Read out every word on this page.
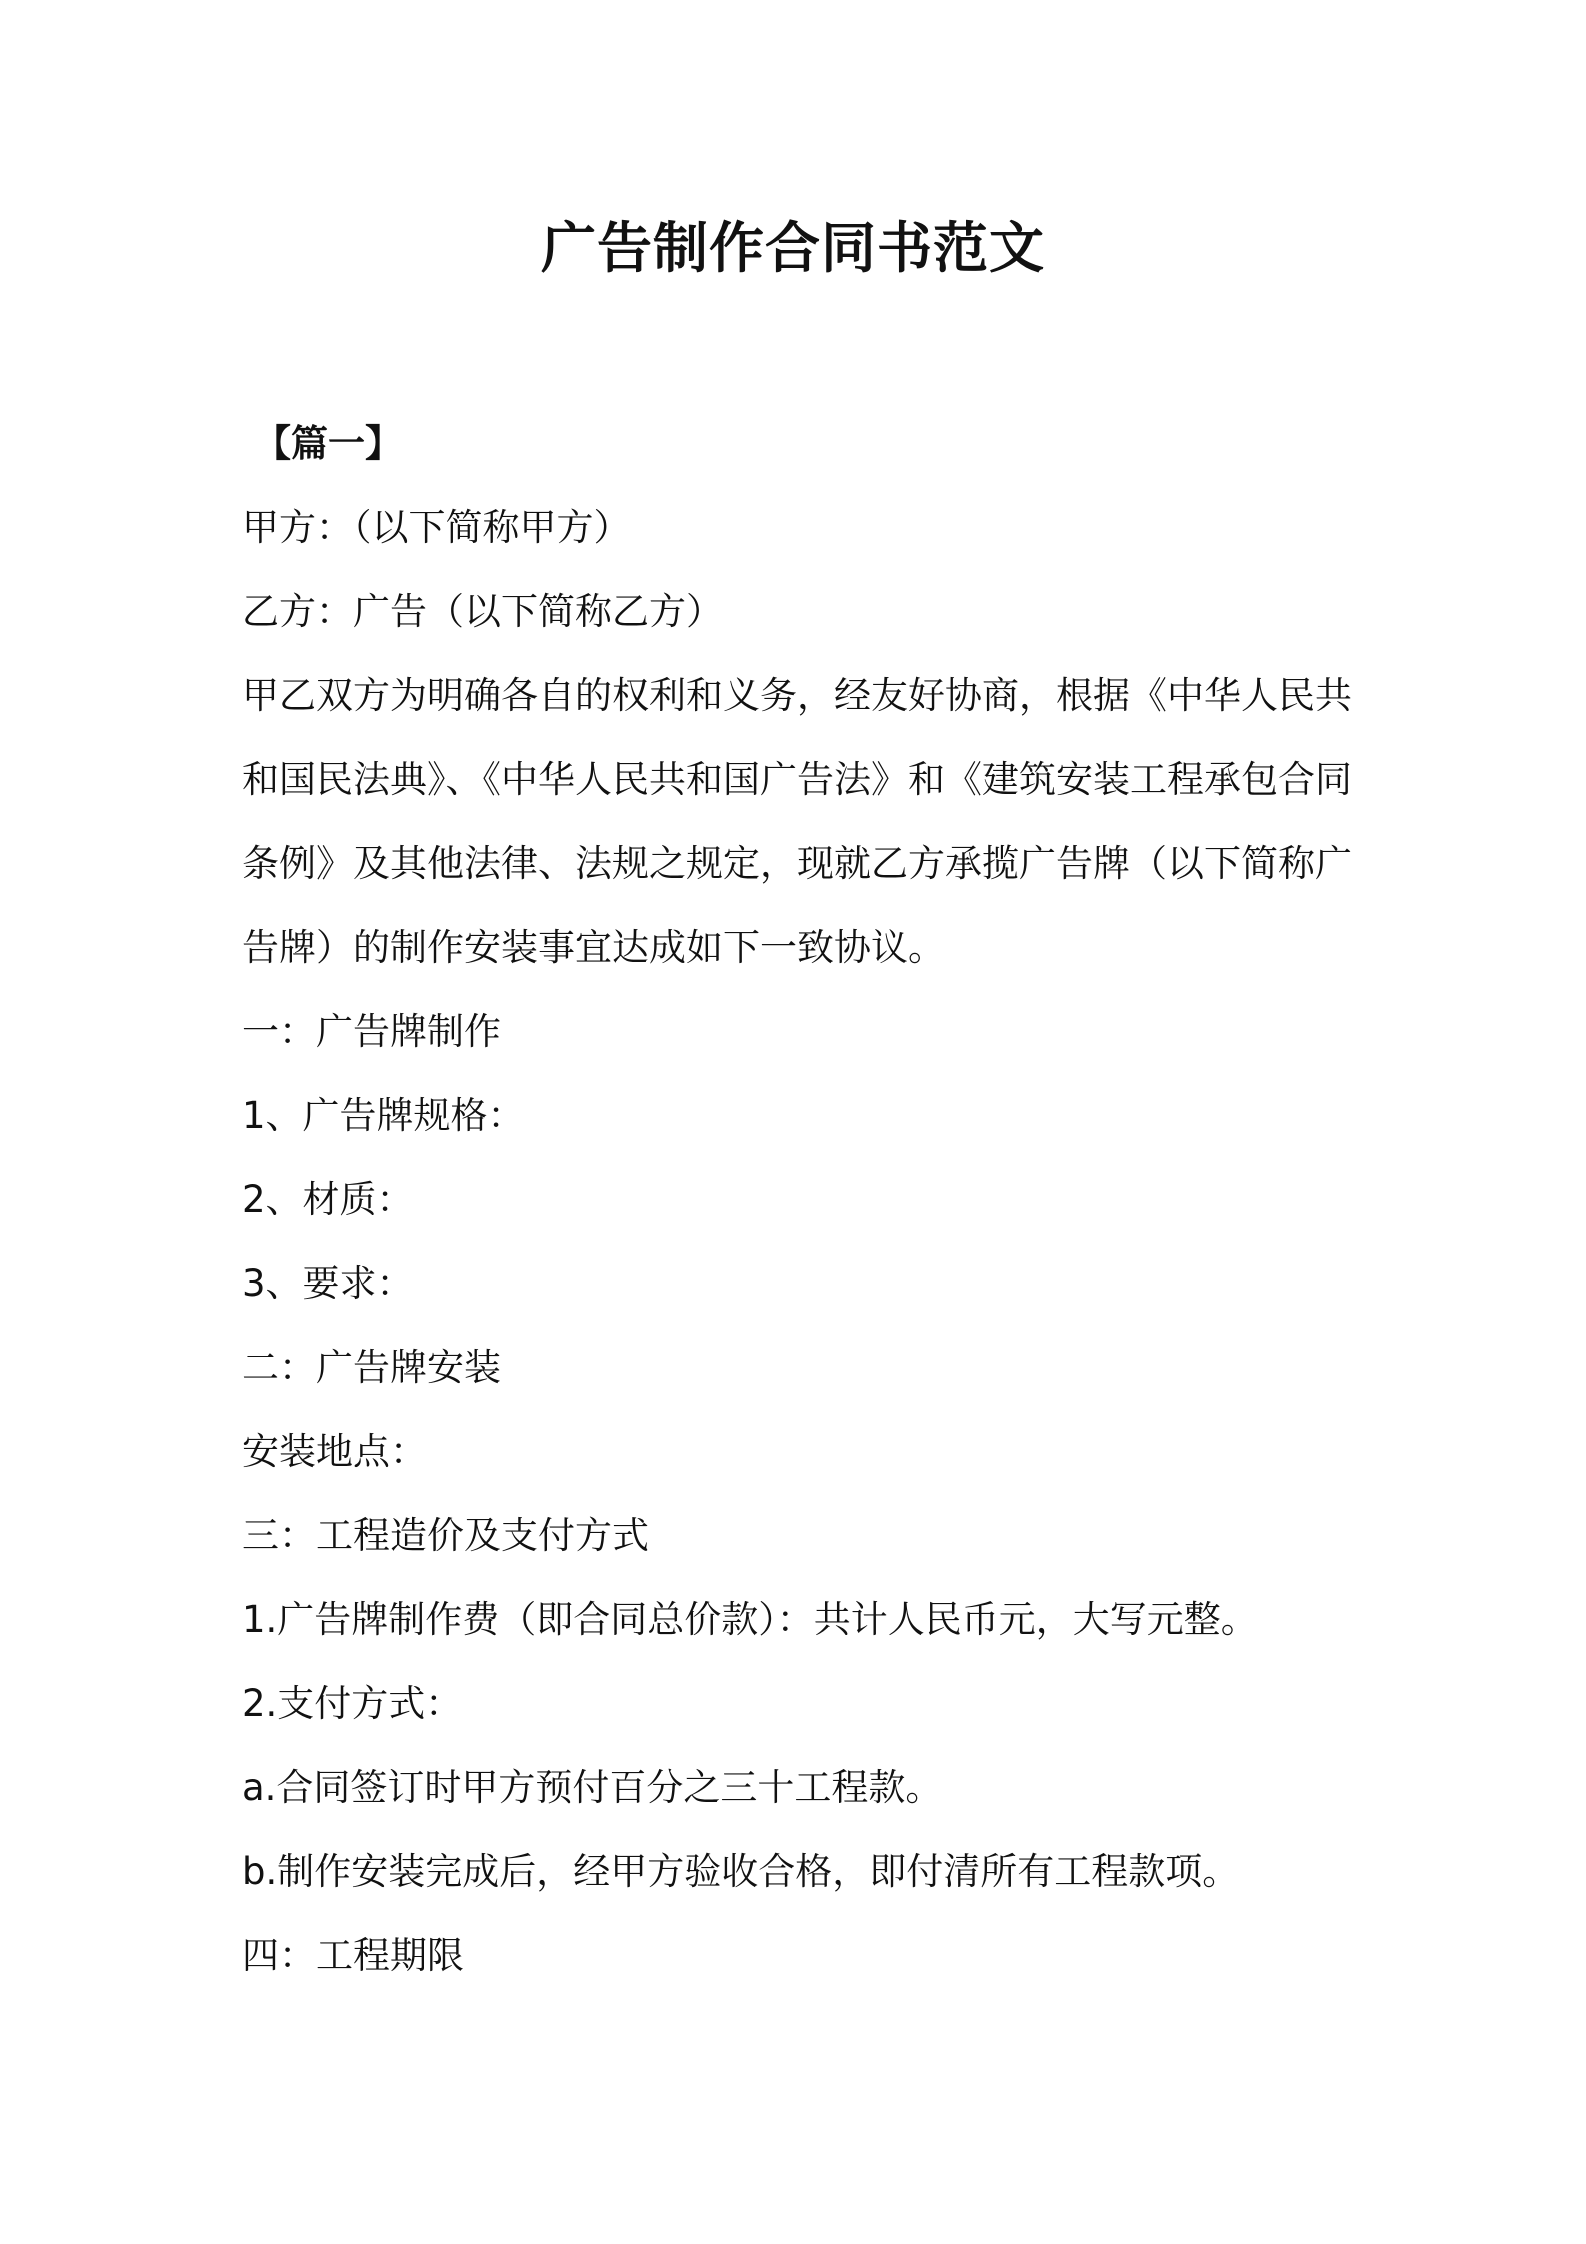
广告制作合同书范文

【篇一】

甲方：（以下简称甲方）

乙方：广告（以下简称乙方）

甲乙双方为明确各自的权利和义务，经友好协商，根据《中华人民共

和国民法典》、《中华人民共和国广告法》和《建筑安装工程承包合同

条例》及其他法律、法规之规定，现就乙方承揽广告牌（以下简称广

告牌）的制作安装事宜达成如下一致协议。

一：广告牌制作

1、广告牌规格：

2、材质：

3、要求：

二：广告牌安装

安装地点：

三：工程造价及支付方式

1.广告牌制作费（即合同总价款）：共计人民币元，大写元整。

2.支付方式：

a.合同签订时甲方预付百分之三十工程款。

b.制作安装完成后，经甲方验收合格，即付清所有工程款项。

四：工程期限
